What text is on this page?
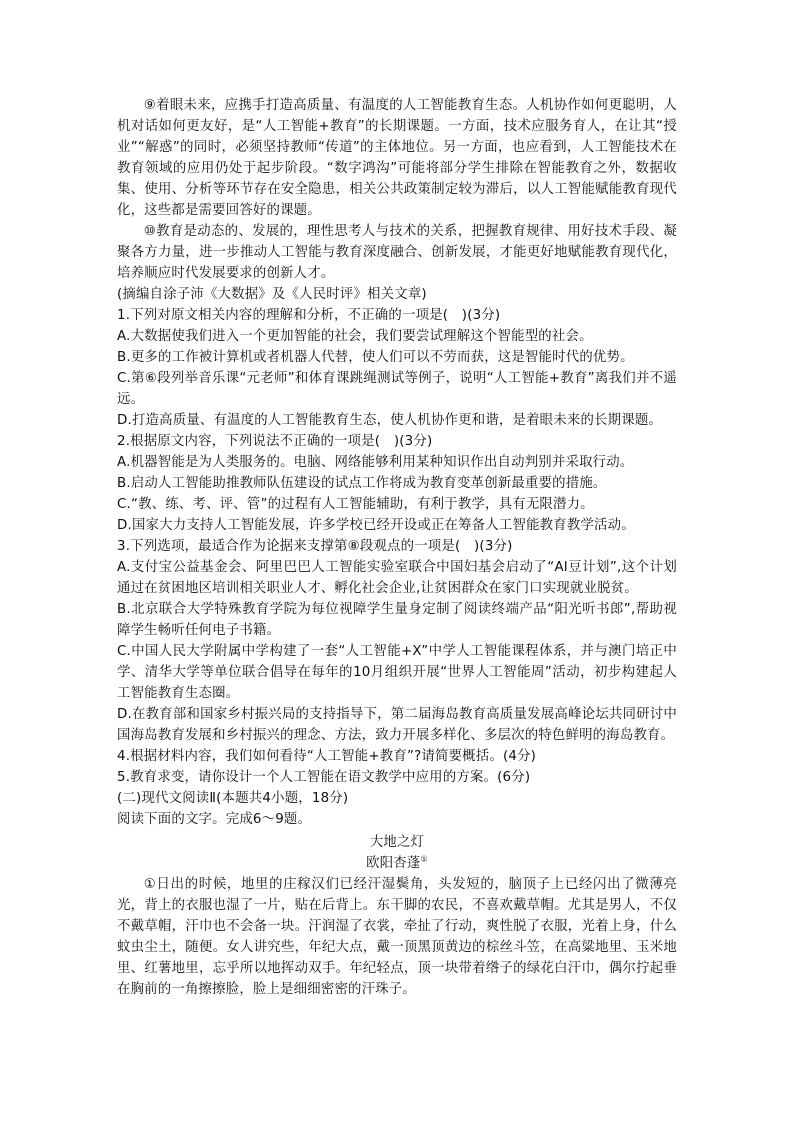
⑨着眼未来，应携手打造高质量、有温度的人工智能教育生态。人机协作如何更聪明，人机对话如何更友好，是“人工智能+教育”的长期课题。一方面，技术应服务育人，在让其“授业”“解惑”的同时，必须坚持教师“传道”的主体地位。另一方面，也应看到，人工智能技术在教育领域的应用仍处于起步阶段。“数字鸿沟”可能将部分学生排除在智能教育之外，数据收集、使用、分析等环节存在安全隐患，相关公共政策制定较为滞后，以人工智能赋能教育现代化，这些都是需要回答好的课题。

⑩教育是动态的、发展的，理性思考人与技术的关系，把握教育规律、用好技术手段、凝聚各方力量，进一步推动人工智能与教育深度融合、创新发展，才能更好地赋能教育现代化，培养顺应时代发展要求的创新人才。

(摘编自涂子沛《大数据》及《人民时评》相关文章)

1.下列对原文相关内容的理解和分析，不正确的一项是(　)(3分)

A.大数据使我们进入一个更加智能的社会，我们要尝试理解这个智能型的社会。

B.更多的工作被计算机或者机器人代替，使人们可以不劳而获，这是智能时代的优势。

C.第⑥段列举音乐课“元老师”和体育课跳绳测试等例子，说明“人工智能+教育”离我们并不遥远。

D.打造高质量、有温度的人工智能教育生态，使人机协作更和谐，是着眼未来的长期课题。

2.根据原文内容，下列说法不正确的一项是(　)(3分)

A.机器智能是为人类服务的。电脑、网络能够利用某种知识作出自动判别并采取行动。

B.启动人工智能助推教师队伍建设的试点工作将成为教育变革创新最重要的措施。

C.“教、练、考、评、管”的过程有人工智能辅助，有利于教学，具有无限潜力。

D.国家大力支持人工智能发展，许多学校已经开设或正在筹备人工智能教育教学活动。

3.下列选项，最适合作为论据来支撑第⑧段观点的一项是(　)(3分)

A.支付宝公益基金会、阿里巴巴人工智能实验室联合中国妇基会启动了“AI豆计划”,这个计划通过在贫困地区培训相关职业人才、孵化社会企业,让贫困群众在家门口实现就业脱贫。

B.北京联合大学特殊教育学院为每位视障学生量身定制了阅读终端产品“阳光听书郎”,帮助视障学生畅听任何电子书籍。

C.中国人民大学附属中学构建了一套“人工智能+X”中学人工智能课程体系，并与澳门培正中学、清华大学等单位联合倡导在每年的10月组织开展“世界人工智能周”活动，初步构建起人工智能教育生态圈。

D.在教育部和国家乡村振兴局的支持指导下，第二届海岛教育高质量发展高峰论坛共同研讨中国海岛教育发展和乡村振兴的理念、方法，致力开展多样化、多层次的特色鲜明的海岛教育。

4.根据材料内容，我们如何看待“人工智能+教育”?请简要概括。(4分)

5.教育求变，请你设计一个人工智能在语文教学中应用的方案。(6分)

(二)现代文阅读Ⅱ(本题共4小题，18分)

阅读下面的文字。完成6～9题。

大地之灯

欧阳杏蓬①

①日出的时候，地里的庄稼汉们已经汗湿鬓角，头发短的，脑顶子上已经闪出了微薄亮光，背上的衣服也湿了一片，贴在后背上。东干脚的农民，不喜欢戴草帽。尤其是男人，不仅不戴草帽，汗巾也不会备一块。汗润湿了衣裳，牵扯了行动，爽性脱了衣服，光着上身，什么蚊虫尘土，随便。女人讲究些，年纪大点，戴一顶黑顶黄边的棕丝斗笠，在高粱地里、玉米地里、红薯地里，忘乎所以地挥动双手。年纪轻点，顶一块带着绺子的绿花白汗巾，偶尔拧起垂在胸前的一角擦擦脸，脸上是细细密密的汗珠子。
